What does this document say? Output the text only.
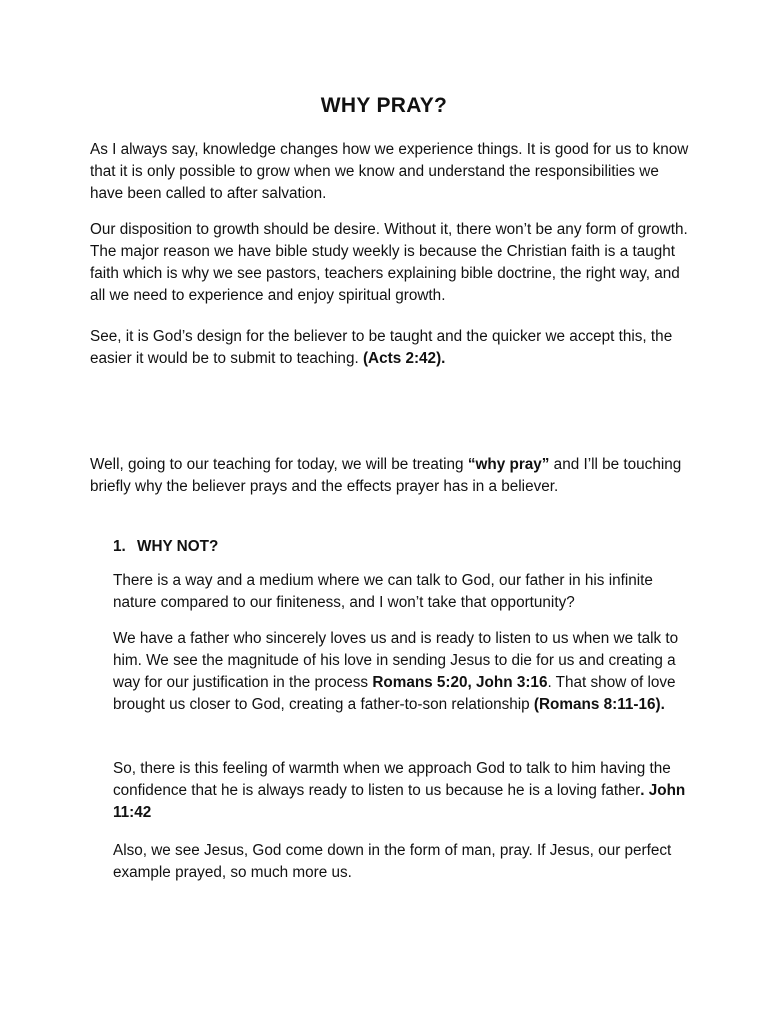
WHY PRAY?

As I always say, knowledge changes how we experience things. It is good for us to know that it is only possible to grow when we know and understand the responsibilities we have been called to after salvation.

Our disposition to growth should be desire. Without it, there won’t be any form of growth. The major reason we have bible study weekly is because the Christian faith is a taught faith which is why we see pastors, teachers explaining bible doctrine, the right way, and all we need to experience and enjoy spiritual growth.

See, it is God’s design for the believer to be taught and the quicker we accept this, the easier it would be to submit to teaching. (Acts 2:42).

Well, going to our teaching for today, we will be treating “why pray” and I’ll be touching briefly why the believer prays and the effects prayer has in a believer.

1. WHY NOT?

There is a way and a medium where we can talk to God, our father in his infinite nature compared to our finiteness, and I won’t take that opportunity?

We have a father who sincerely loves us and is ready to listen to us when we talk to him. We see the magnitude of his love in sending Jesus to die for us and creating a way for our justification in the process Romans 5:20, John 3:16. That show of love brought us closer to God, creating a father-to-son relationship (Romans 8:11-16).

So, there is this feeling of warmth when we approach God to talk to him having the confidence that he is always ready to listen to us because he is a loving father. John 11:42

Also, we see Jesus, God come down in the form of man, pray. If Jesus, our perfect example prayed, so much more us.
